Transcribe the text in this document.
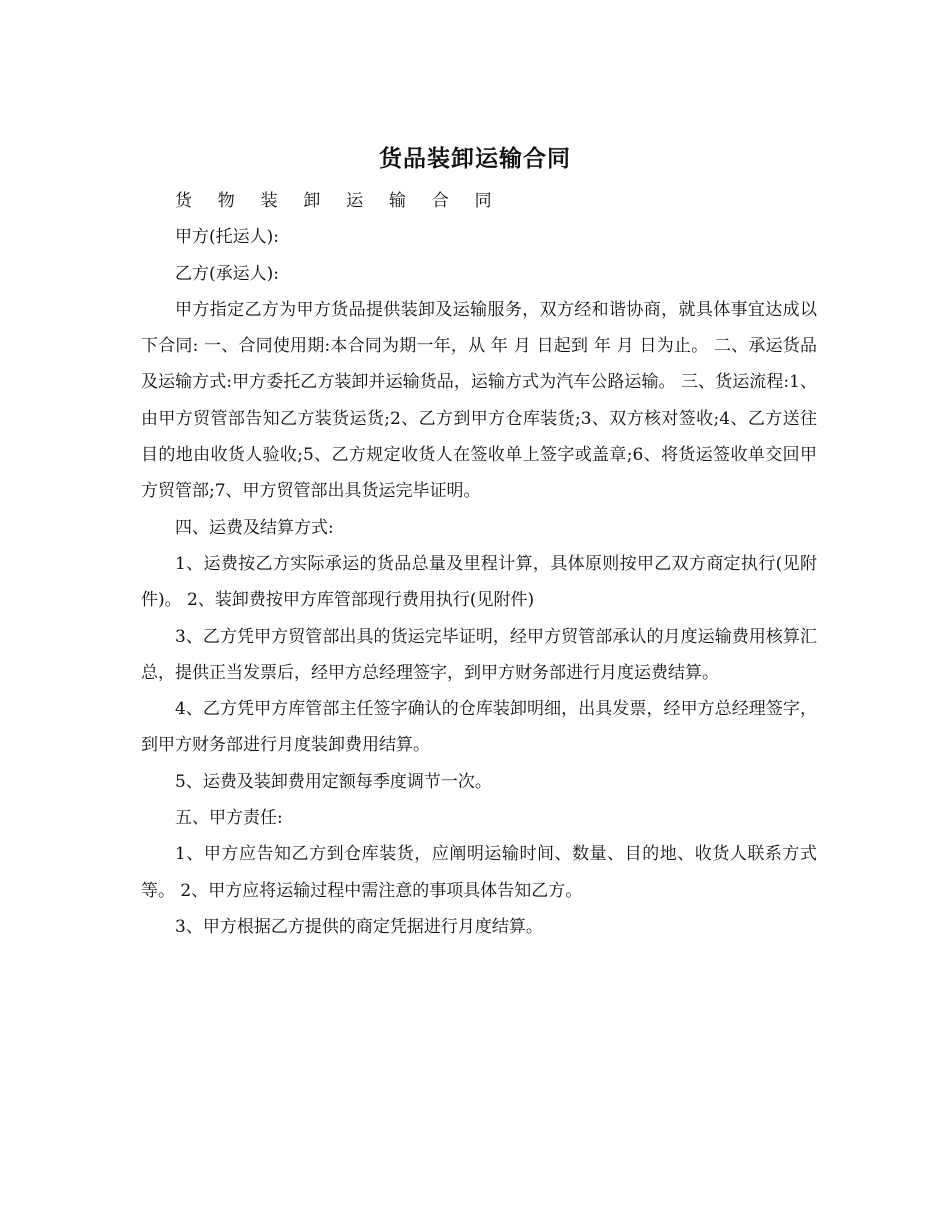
货品装卸运输合同

货 物 装 卸 运 输 合 同

甲方(托运人):

乙方(承运人):

甲方指定乙方为甲方货品提供装卸及运输服务，双方经和谐协商，就具体事宜达成以下合同: 一、合同使用期:本合同为期一年，从 年 月 日起到 年 月 日为止。 二、承运货品及运输方式:甲方委托乙方装卸并运输货品，运输方式为汽车公路运输。 三、货运流程:1、由甲方贸管部告知乙方装货运货;2、乙方到甲方仓库装货;3、双方核对签收;4、乙方送往目的地由收货人验收;5、乙方规定收货人在签收单上签字或盖章;6、将货运签收单交回甲方贸管部;7、甲方贸管部出具货运完毕证明。

四、运费及结算方式:

1、运费按乙方实际承运的货品总量及里程计算，具体原则按甲乙双方商定执行(见附件)。 2、装卸费按甲方库管部现行费用执行(见附件)

3、乙方凭甲方贸管部出具的货运完毕证明，经甲方贸管部承认的月度运输费用核算汇总，提供正当发票后，经甲方总经理签字，到甲方财务部进行月度运费结算。

4、乙方凭甲方库管部主任签字确认的仓库装卸明细，出具发票，经甲方总经理签字，到甲方财务部进行月度装卸费用结算。

5、运费及装卸费用定额每季度调节一次。

五、甲方责任:

1、甲方应告知乙方到仓库装货，应阐明运输时间、数量、目的地、收货人联系方式等。 2、甲方应将运输过程中需注意的事项具体告知乙方。

3、甲方根据乙方提供的商定凭据进行月度结算。
